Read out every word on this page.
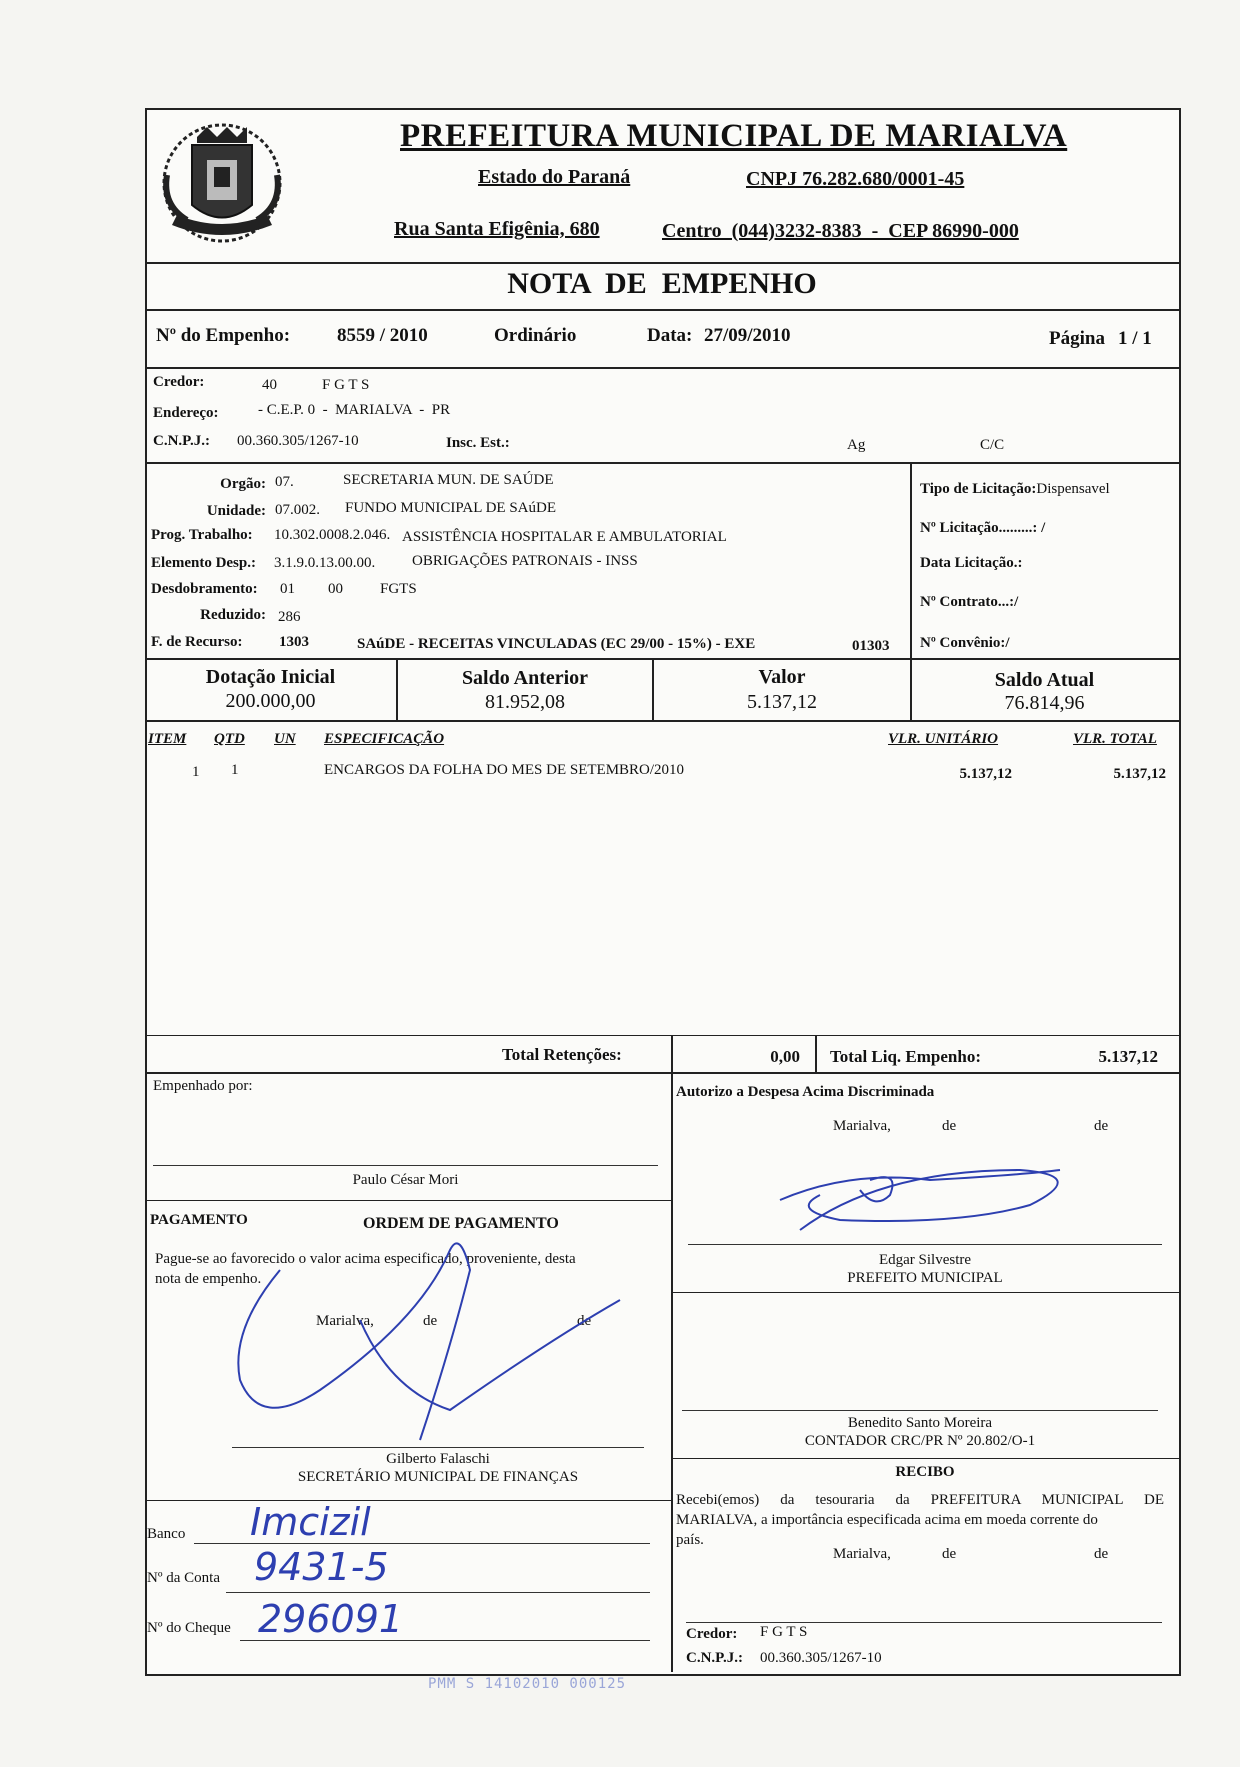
PREFEITURA MUNICIPAL DE MARIALVA
Estado do Paraná	CNPJ 76.282.680/0001-45
Rua Santa Efigênia, 680	Centro  (044)3232-8383  -  CEP 86990-000
NOTA  DE  EMPENHO
Nº do Empenho: 8559 / 2010	Ordinário	Data: 27/09/2010	Página 1 / 1
Credor:	40	F G T S
Endereço:	- C.E.P. 0  -  MARIALVA  -  PR
C.N.P.J.: 00.360.305/1267-10	Insc. Est.:	Ag	C/C
Orgão: 07.	SECRETARIA MUN. DE SAÚDE
Unidade: 07.002. FUNDO MUNICIPAL DE SAúDE
Prog. Trabalho: 10.302.0008.2.046. ASSISTÊNCIA HOSPITALAR E AMBULATORIAL
Elemento Desp.: 3.1.9.0.13.00.00. OBRIGAÇÕES PATRONAIS - INSS
Desdobramento: 01 00 FGTS
Reduzido: 286
F. de Recurso: 1303	SAúDE - RECEITAS VINCULADAS (EC 29/00 - 15%) - EXE	01303
Tipo de Licitação:Dispensavel
Nº Licitação.........: /
Data Licitação.:
Nº Contrato...:/
Nº Convênio:/
Dotação Inicial
200.000,00
Saldo Anterior
81.952,08
Valor
5.137,12
Saldo Atual
76.814,96
ITEM QTD UN ESPECIFICAÇÃO	VLR. UNITÁRIO	VLR. TOTAL
1 1	ENCARGOS DA FOLHA DO MES DE SETEMBRO/2010	5.137,12	5.137,12
Total Retenções:	0,00 Total Liq. Empenho:	5.137,12
Empenhado por:
Paulo César Mori
Autorizo a Despesa Acima Discriminada
Marialva,	de	de
Edgar Silvestre
PREFEITO MUNICIPAL
Benedito Santo Moreira
CONTADOR CRC/PR Nº 20.802/O-1
PAGAMENTO	ORDEM DE PAGAMENTO
Pague-se ao favorecido o valor acima especificado, proveniente, desta
nota de empenho.
Marialva,	de	de
Gilberto Falaschi
SECRETÁRIO MUNICIPAL DE FINANÇAS	RECIBO
Recebi(emos) da tesouraria da PREFEITURA MUNICIPAL DE
MARIALVA, a importância especificada acima em moeda corrente do
país.
Marialva,	de	de
Credor: F G T S
C.N.P.J.: 00.360.305/1267-10
Banco Imcizil
Nº da Conta 9431-5
Nº do Cheque 296091
PMM S 14102010 000125
